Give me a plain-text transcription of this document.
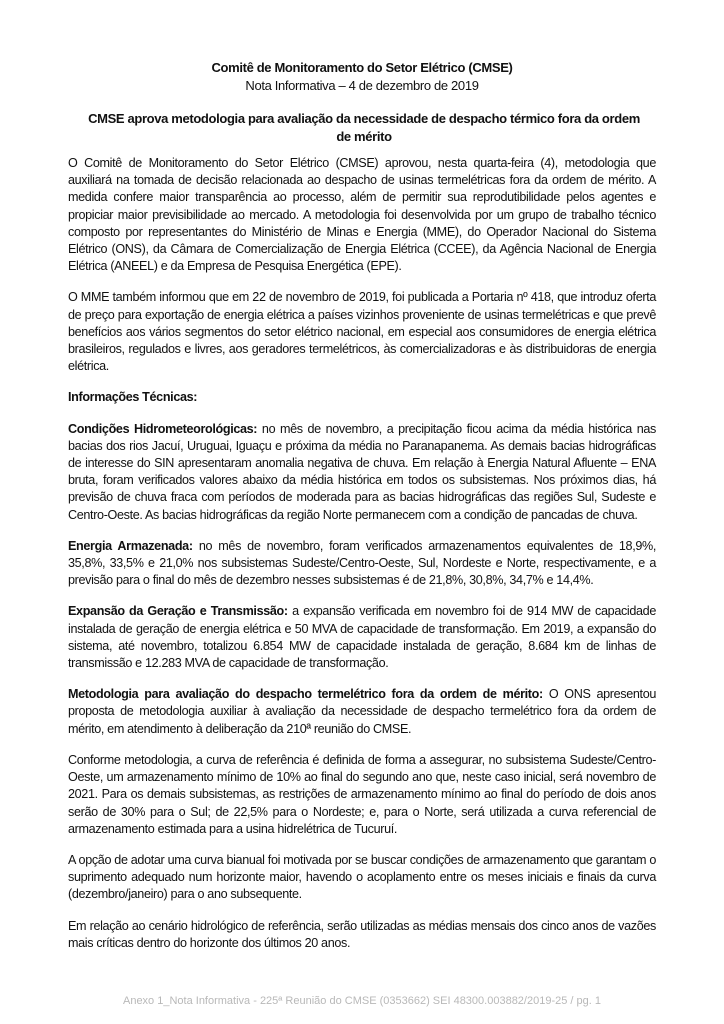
Comitê de Monitoramento do Setor Elétrico (CMSE)
Nota Informativa – 4 de dezembro de 2019
CMSE aprova metodologia para avaliação da necessidade de despacho térmico fora da ordem de mérito

O Comitê de Monitoramento do Setor Elétrico (CMSE) aprovou, nesta quarta-feira (4), metodologia que auxiliará na tomada de decisão relacionada ao despacho de usinas termelétricas fora da ordem de mérito. A medida confere maior transparência ao processo, além de permitir sua reprodutibilidade pelos agentes e propiciar maior previsibilidade ao mercado. A metodologia foi desenvolvida por um grupo de trabalho técnico composto por representantes do Ministério de Minas e Energia (MME), do Operador Nacional do Sistema Elétrico (ONS), da Câmara de Comercialização de Energia Elétrica (CCEE), da Agência Nacional de Energia Elétrica (ANEEL) e da Empresa de Pesquisa Energética (EPE).

O MME também informou que em 22 de novembro de 2019, foi publicada a Portaria nº 418, que introduz oferta de preço para exportação de energia elétrica a países vizinhos proveniente de usinas termelétricas e que prevê benefícios aos vários segmentos do setor elétrico nacional, em especial aos consumidores de energia elétrica brasileiros, regulados e livres, aos geradores termelétricos, às comercializadoras e às distribuidoras de energia elétrica.

Informações Técnicas:

Condições Hidrometeorológicas: no mês de novembro, a precipitação ficou acima da média histórica nas bacias dos rios Jacuí, Uruguai, Iguaçu e próxima da média no Paranapanema. As demais bacias hidrográficas de interesse do SIN apresentaram anomalia negativa de chuva. Em relação à Energia Natural Afluente – ENA bruta, foram verificados valores abaixo da média histórica em todos os subsistemas. Nos próximos dias, há previsão de chuva fraca com períodos de moderada para as bacias hidrográficas das regiões Sul, Sudeste e Centro-Oeste. As bacias hidrográficas da região Norte permanecem com a condição de pancadas de chuva.

Energia Armazenada: no mês de novembro, foram verificados armazenamentos equivalentes de 18,9%, 35,8%, 33,5% e 21,0% nos subsistemas Sudeste/Centro-Oeste, Sul, Nordeste e Norte, respectivamente, e a previsão para o final do mês de dezembro nesses subsistemas é de 21,8%, 30,8%, 34,7% e 14,4%.

Expansão da Geração e Transmissão: a expansão verificada em novembro foi de 914 MW de capacidade instalada de geração de energia elétrica e 50 MVA de capacidade de transformação. Em 2019, a expansão do sistema, até novembro, totalizou 6.854 MW de capacidade instalada de geração, 8.684 km de linhas de transmissão e 12.283 MVA de capacidade de transformação.

Metodologia para avaliação do despacho termelétrico fora da ordem de mérito: O ONS apresentou proposta de metodologia auxiliar à avaliação da necessidade de despacho termelétrico fora da ordem de mérito, em atendimento à deliberação da 210ª reunião do CMSE.

Conforme metodologia, a curva de referência é definida de forma a assegurar, no subsistema Sudeste/Centro-Oeste, um armazenamento mínimo de 10% ao final do segundo ano que, neste caso inicial, será novembro de 2021. Para os demais subsistemas, as restrições de armazenamento mínimo ao final do período de dois anos serão de 30% para o Sul; de 22,5% para o Nordeste; e, para o Norte, será utilizada a curva referencial de armazenamento estimada para a usina hidrelétrica de Tucuruí.

A opção de adotar uma curva bianual foi motivada por se buscar condições de armazenamento que garantam o suprimento adequado num horizonte maior, havendo o acoplamento entre os meses iniciais e finais da curva (dezembro/janeiro) para o ano subsequente.

Em relação ao cenário hidrológico de referência, serão utilizadas as médias mensais dos cinco anos de vazões mais críticas dentro do horizonte dos últimos 20 anos.

Anexo 1_Nota Informativa - 225ª Reunião do CMSE (0353662) SEI 48300.003882/2019-25 / pg. 1
